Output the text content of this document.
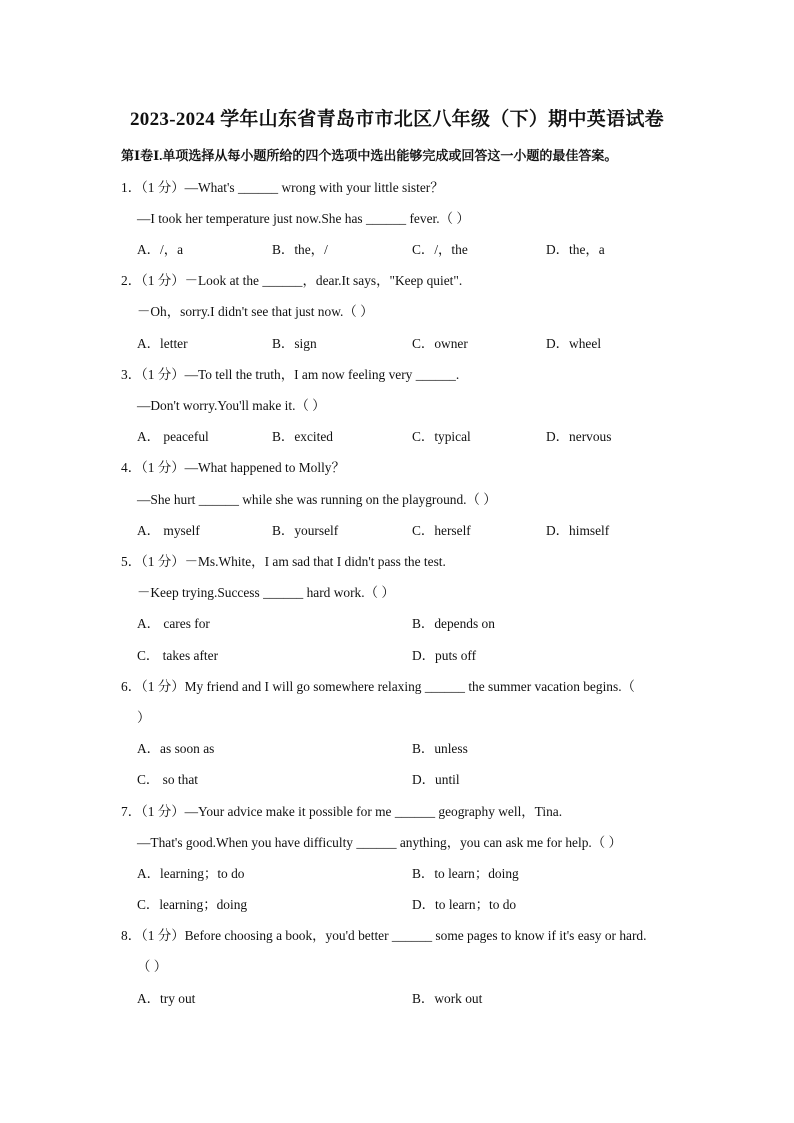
2023-2024 学年山东省青岛市市北区八年级（下）期中英语试卷
第Ⅰ卷Ⅰ.单项选择从每小题所给的四个选项中选出能够完成或回答这一小题的最佳答案。
1．（1 分）—What's ______ wrong with your little sister？
—I took her temperature just now.She has ______ fever.（ ）
A．/，a	B．the，/	C．/，the	D．the，a
2．（1 分）－Look at the ______，dear.It says，"Keep quiet".
－Oh，sorry.I didn't see that just now.（ ）
A．letter	B．sign	C．owner	D．wheel
3．（1 分）—To tell the truth，I am now feeling very ______.
—Don't worry.You'll make it.（ ）
A． peaceful	B．excited	C．typical	D．nervous
4．（1 分）—What happened to Molly？
—She hurt ______ while she was running on the playground.（ ）
A． myself	B．yourself	C．herself	D．himself
5．（1 分）－Ms.White，I am sad that I didn't pass the test.
－Keep trying.Success ______ hard work.（ ）
A． cares for	B．depends on
C． takes after	D．puts off
6．（1 分）My friend and I will go somewhere relaxing ______ the summer vacation begins.（
）
A．as soon as	B．unless
C． so that	D．until
7．（1 分）—Your advice make it possible for me ______ geography well，Tina.
—That's good.When you have difficulty ______ anything，you can ask me for help.（ ）
A．learning；to do	B．to learn；doing
C．learning；doing	D．to learn；to do
8．（1 分）Before choosing a book，you'd better ______ some pages to know if it's easy or hard.
（ ）
A．try out	B．work out
